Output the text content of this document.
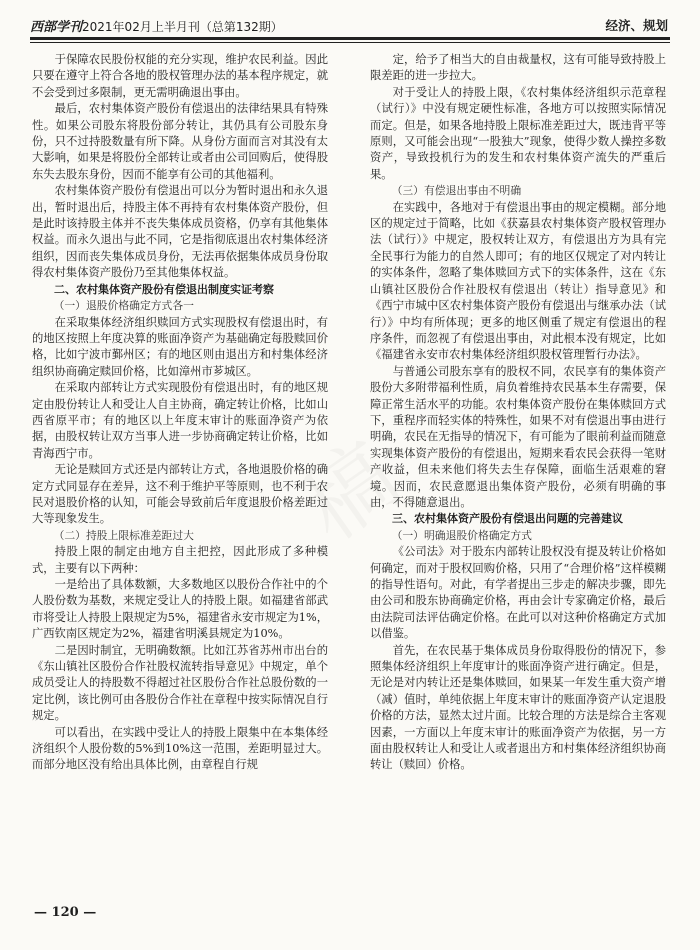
西部学刊2021年02月上半月刊（总第132期）	经济、规划

于保障农民股份权能的充分实现，维护农民利益。因此只要在遵守上符合各地的股权管理办法的基本程序规定，就不会受到过多限制，更无需明确退出事由。

最后，农村集体资产股份有偿退出的法律结果具有特殊性。如果公司股东将股份部分转让，其仍具有公司股东身份，只不过持股数量有所下降。从身份方面而言对其没有太大影响，如果是将股份全部转让或者由公司回购后，使得股东失去股东身份，因而不能享有公司的其他福利。

农村集体资产股份有偿退出可以分为暂时退出和永久退出，暂时退出后，持股主体不再持有农村集体资产股份，但是此时该持股主体并不丧失集体成员资格，仍享有其他集体权益。而永久退出与此不同，它是指彻底退出农村集体经济组织，因而丧失集体成员身份，无法再依据集体成员身份取得农村集体资产股份乃至其他集体权益。

二、农村集体资产股份有偿退出制度实证考察

（一）退股价格确定方式各一

在采取集体经济组织赎回方式实现股权有偿退出时，有的地区按照上年度决算的账面净资产为基础确定每股赎回价格，比如宁波市鄞州区；有的地区则由退出方和村集体经济组织协商确定赎回价格，比如漳州市芗城区。

在采取内部转让方式实现股份有偿退出时，有的地区规定由股份转让人和受让人自主协商，确定转让价格，比如山西省原平市；有的地区以上年度末审计的账面净资产为依据，由股权转让双方当事人进一步协商确定转让价格，比如青海西宁市。

无论是赎回方式还是内部转让方式，各地退股价格的确定方式同显存在差异，这不利于维护平等原则，也不利于农民对退股价格的认知，可能会导致前后年度退股价格差距过大等现象发生。

（二）持股上限标准差距过大

持股上限的制定由地方自主把控，因此形成了多种模式，主要有以下两种：

一是给出了具体数额，大多数地区以股份合作社中的个人股份数为基数，来规定受让人的持股上限。如福建省部武市将受让人持股上限规定为5%，福建省永安市规定为1%，广西钦南区规定为2%，福建省明溪县规定为10%。

二是因时制宜，无明确数额。比如江苏省苏州市出台的《东山镇社区股份合作社股权流转指导意见》中规定，单个成员受让人的持股数不得超过社区股份合作社总股份数的一定比例，该比例可由各股份合作社在章程中按实际情况自行规定。

可以看出，在实践中受让人的持股上限集中在本集体经济组织个人股份数的5%到10%这一范围，差距明显过大。而部分地区没有给出具体比例，由章程自行规

定，给予了相当大的自由裁量权，这有可能导致持股上限差距的进一步拉大。

对于受让人的持股上限，《农村集体经济组织示范章程（试行）》中没有规定硬性标准，各地方可以按照实际情况而定。但是，如果各地持股上限标准差距过大，既违背平等原则，又可能会出现“一股独大”现象，使得少数人操控多数资产，导致投机行为的发生和农村集体资产流失的严重后果。

（三）有偿退出事由不明确

在实践中，各地对于有偿退出事由的规定模糊。部分地区的规定过于简略，比如《获嘉县农村集体资产股权管理办法（试行）》中规定，股权转让双方，有偿退出方为具有完全民事行为能力的自然人即可；有的地区仅规定了对内转让的实体条件，忽略了集体赎回方式下的实体条件，这在《东山镇社区股份合作社股权有偿退出（转让）指导意见》和《西宁市城中区农村集体资产股份有偿退出与继承办法（试行）》中均有所体现；更多的地区侧重了规定有偿退出的程序条件，而忽视了有偿退出事由，对此根本没有规定，比如《福建省永安市农村集体经济组织股权管理暂行办法》。

与普通公司股东享有的股权不同，农民享有的集体资产股份大多附带福利性质，肩负着维持农民基本生存需要，保障正常生活水平的功能。农村集体资产股份在集体赎回方式下，重程序而轻实体的特殊性，如果不对有偿退出事由进行明确，农民在无指导的情况下，有可能为了眼前利益而随意实现集体资产股份的有偿退出，短期来看农民会获得一笔财产收益，但未来他们将失去生存保障，面临生活艰难的窘境。因而，农民意愿退出集体资产股份，必须有明确的事由，不得随意退出。

三、农村集体资产股份有偿退出问题的完善建议

（一）明确退股价格确定方式

《公司法》对于股东内部转让股权没有提及转让价格如何确定，而对于股权回购价格，只用了“合理价格”这样模糊的指导性语句。对此，有学者提出三步走的解决步骤，即先由公司和股东协商确定价格，再由会计专家确定价格，最后由法院司法评估确定价格。在此可以对这种价格确定方式加以借鉴。

首先，在农民基于集体成员身份取得股份的情况下，参照集体经济组织上年度审计的账面净资产进行确定。但是，无论是对内转让还是集体赎回，如果某一年发生重大资产增（减）值时，单纯依据上年度末审计的账面净资产认定退股价格的方法，显然太过片面。比较合理的方法是综合主客观因素，一方面以上年度末审计的账面净资产为依据，另一方面由股权转让人和受让人或者退出方和村集体经济组织协商转让（赎回）价格。

— 120 —
